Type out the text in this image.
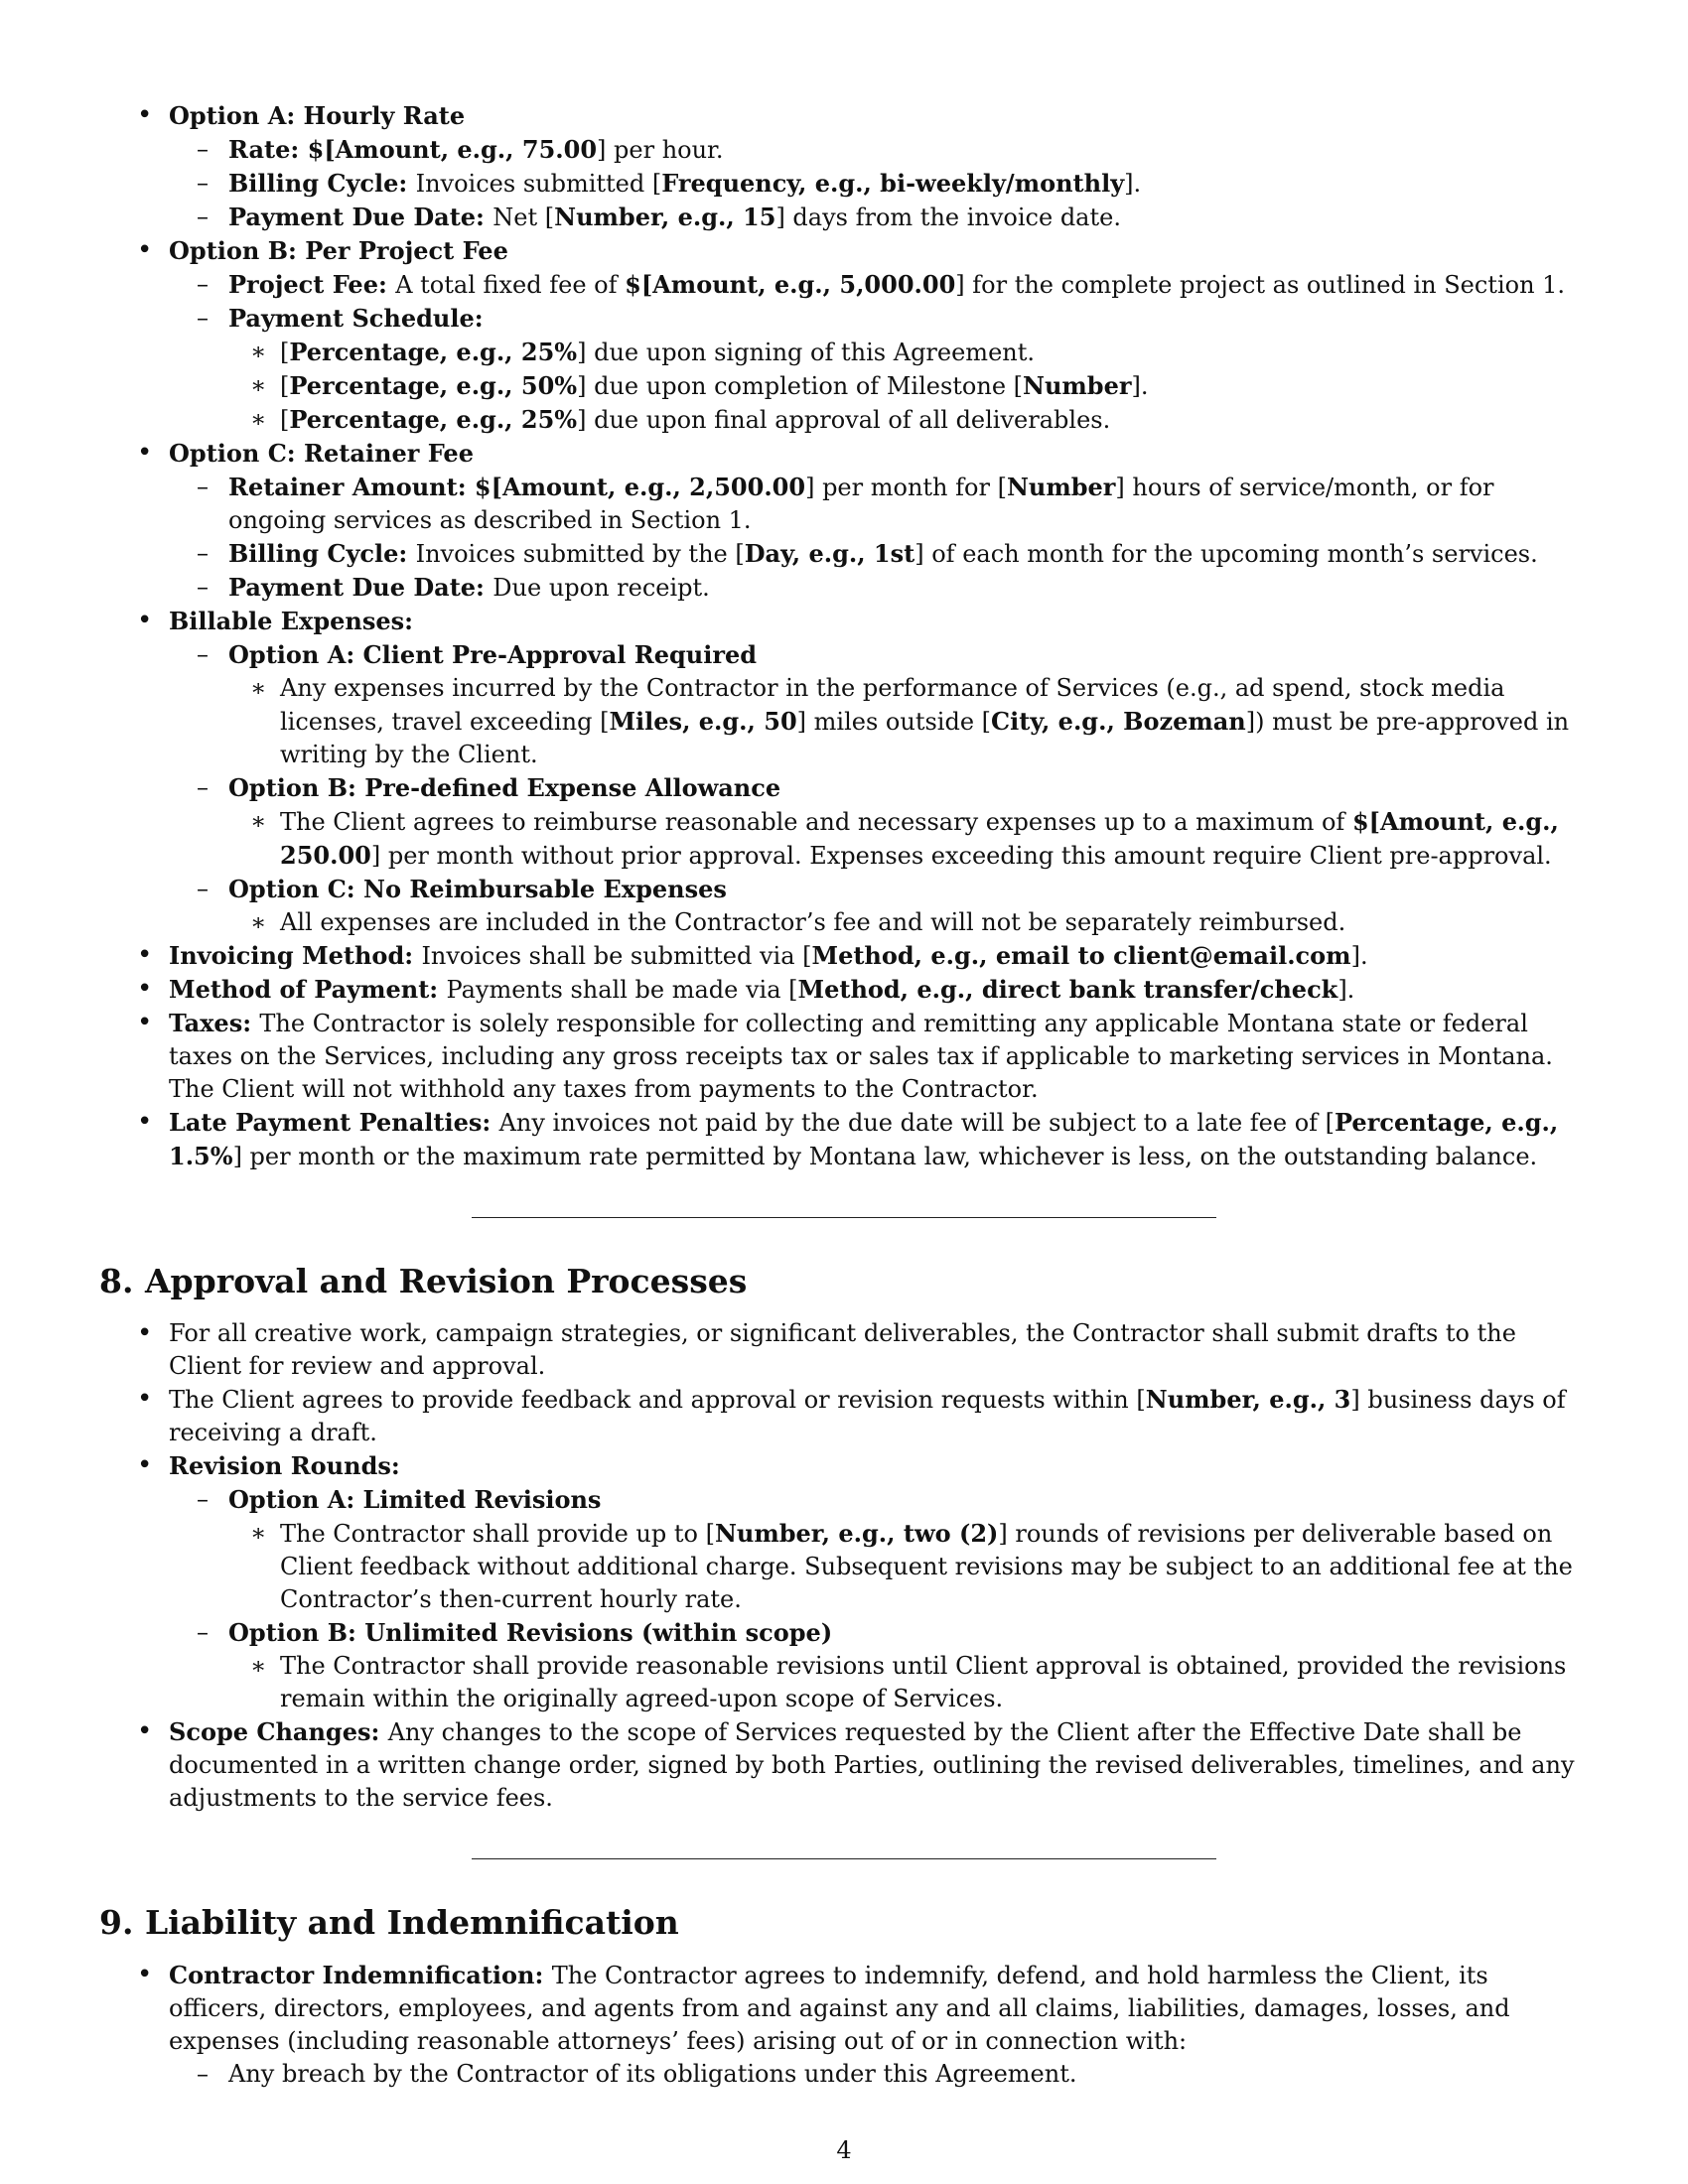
• Option A: Hourly Rate
– Rate: $[Amount, e.g., 75.00] per hour.
– Billing Cycle: Invoices submitted [Frequency, e.g., bi-weekly/monthly].
– Payment Due Date: Net [Number, e.g., 15] days from the invoice date.
• Option B: Per Project Fee
– Project Fee: A total fixed fee of $[Amount, e.g., 5,000.00] for the complete project as outlined in Section 1.
– Payment Schedule:
∗ [Percentage, e.g., 25%] due upon signing of this Agreement.
∗ [Percentage, e.g., 50%] due upon completion of Milestone [Number].
∗ [Percentage, e.g., 25%] due upon final approval of all deliverables.
• Option C: Retainer Fee
– Retainer Amount: $[Amount, e.g., 2,500.00] per month for [Number] hours of service/month, or for ongoing services as described in Section 1.
– Billing Cycle: Invoices submitted by the [Day, e.g., 1st] of each month for the upcoming month’s services.
– Payment Due Date: Due upon receipt.
• Billable Expenses:
– Option A: Client Pre-Approval Required
∗ Any expenses incurred by the Contractor in the performance of Services (e.g., ad spend, stock media licenses, travel exceeding [Miles, e.g., 50] miles outside [City, e.g., Bozeman]) must be pre-approved in writing by the Client.
– Option B: Pre-defined Expense Allowance
∗ The Client agrees to reimburse reasonable and necessary expenses up to a maximum of $[Amount, e.g., 250.00] per month without prior approval. Expenses exceeding this amount require Client pre-approval.
– Option C: No Reimbursable Expenses
∗ All expenses are included in the Contractor’s fee and will not be separately reimbursed.
• Invoicing Method: Invoices shall be submitted via [Method, e.g., email to client@email.com].
• Method of Payment: Payments shall be made via [Method, e.g., direct bank transfer/check].
• Taxes: The Contractor is solely responsible for collecting and remitting any applicable Montana state or federal taxes on the Services, including any gross receipts tax or sales tax if applicable to marketing services in Montana. The Client will not withhold any taxes from payments to the Contractor.
• Late Payment Penalties: Any invoices not paid by the due date will be subject to a late fee of [Percentage, e.g., 1.5%] per month or the maximum rate permitted by Montana law, whichever is less, on the outstanding balance.
8. Approval and Revision Processes
• For all creative work, campaign strategies, or significant deliverables, the Contractor shall submit drafts to the Client for review and approval.
• The Client agrees to provide feedback and approval or revision requests within [Number, e.g., 3] business days of receiving a draft.
• Revision Rounds:
– Option A: Limited Revisions
∗ The Contractor shall provide up to [Number, e.g., two (2)] rounds of revisions per deliverable based on Client feedback without additional charge. Subsequent revisions may be subject to an additional fee at the Contractor’s then-current hourly rate.
– Option B: Unlimited Revisions (within scope)
∗ The Contractor shall provide reasonable revisions until Client approval is obtained, provided the revisions remain within the originally agreed-upon scope of Services.
• Scope Changes: Any changes to the scope of Services requested by the Client after the Effective Date shall be documented in a written change order, signed by both Parties, outlining the revised deliverables, timelines, and any adjustments to the service fees.
9. Liability and Indemnification
• Contractor Indemnification: The Contractor agrees to indemnify, defend, and hold harmless the Client, its officers, directors, employees, and agents from and against any and all claims, liabilities, damages, losses, and expenses (including reasonable attorneys’ fees) arising out of or in connection with:
– Any breach by the Contractor of its obligations under this Agreement.
4
